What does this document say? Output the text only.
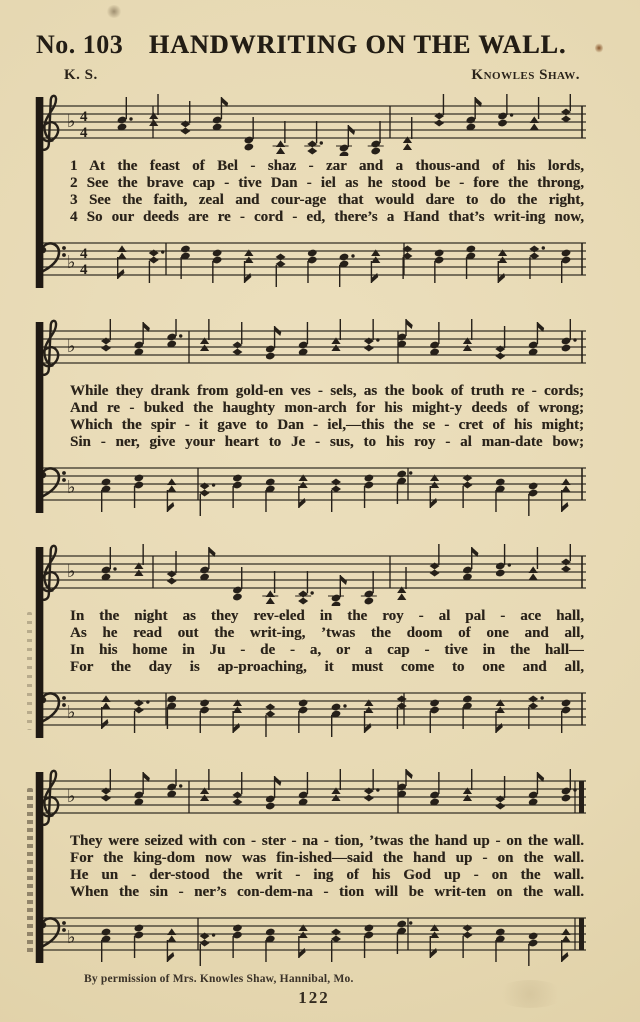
No. 103 HANDWRITING ON THE WALL.
K. S.	Knowles Shaw.
♭ 4
4
1 At the feast of Bel - shaz - zar and a thous-and of his lords,
2 See the brave cap - tive Dan - iel as he stood be - fore the throng,
3 See the faith, zeal and cour-age that would dare to do the right,
4 So our deeds are re - cord - ed, there’s a Hand that’s writ-ing now,
♭ 4
4
♭
While they drank from gold-en ves - sels, as the book of truth re - cords;
And re - buked the haughty mon-arch for his might-y deeds of wrong;
Which the spir - it gave to Dan - iel,—this the se - cret of his might;
Sin - ner, give your heart to Je - sus, to his roy - al man-date bow;
♭
♭
In the night as they rev-eled in the roy - al pal - ace hall,
As he read out the writ-ing, ’twas the doom of one and all,
In his home in Ju - de - a, or a cap - tive in the hall—
For the day is ap-proaching, it must come to one and all,
♭
♭
They were seized with con - ster - na - tion, ’twas the hand up - on the wall.
For the king-dom now was fin-ished—said the hand up - on the wall.
He un - der-stood the writ - ing of his God up - on the wall.
When the sin - ner’s con-dem-na - tion will be writ-ten on the wall.
♭
By permission of Mrs. Knowles Shaw, Hannibal, Mo.
122
